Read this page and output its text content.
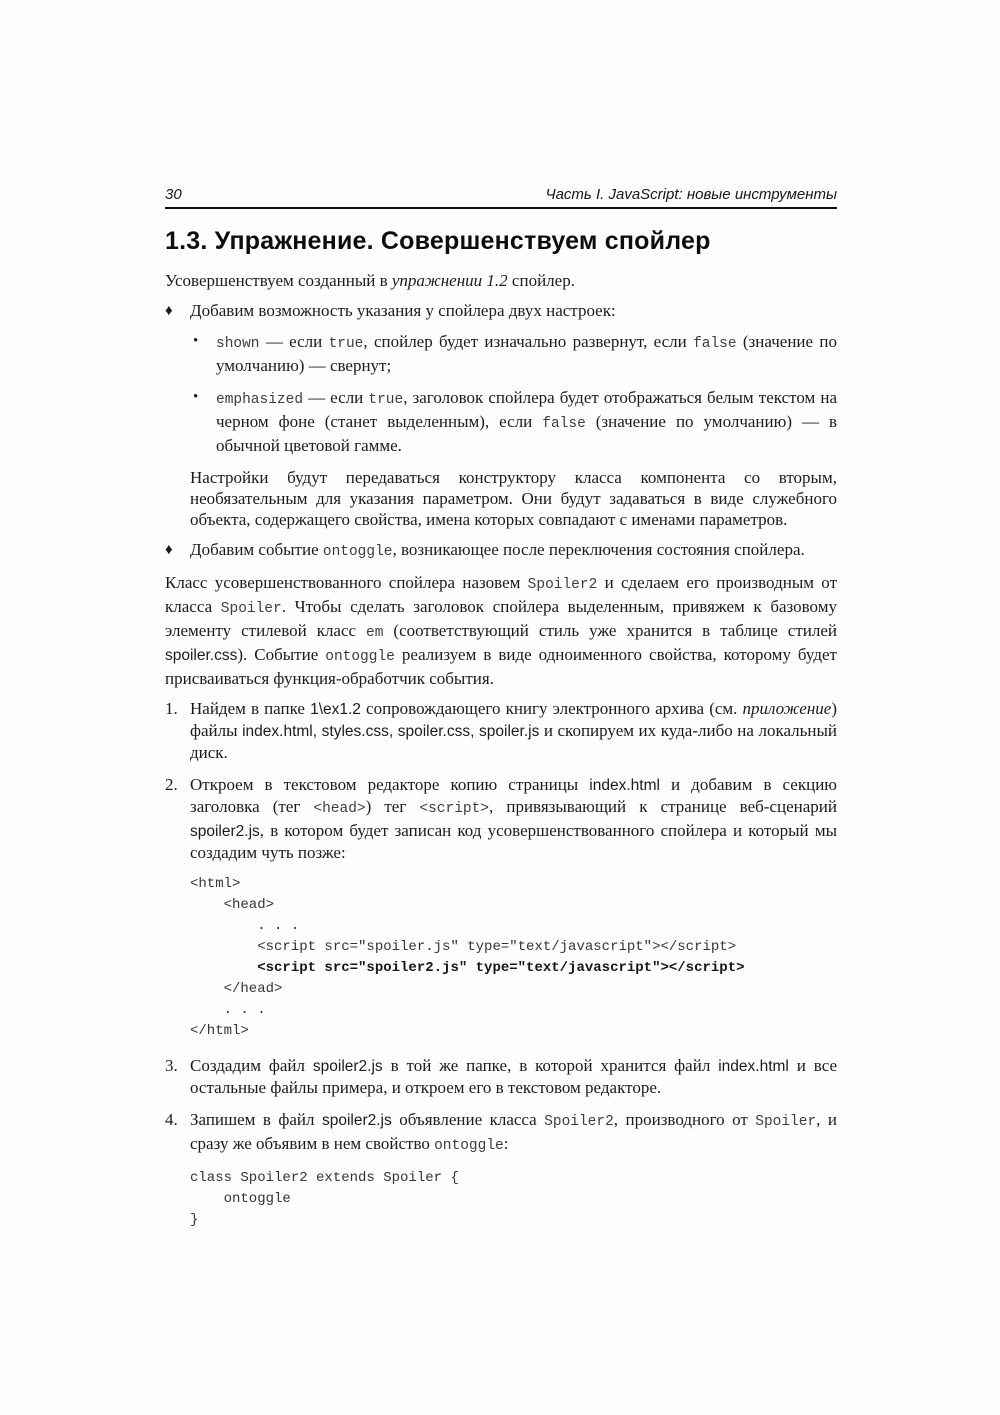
30	Часть I. JavaScript: новые инструменты
1.3. Упражнение. Совершенствуем спойлер

Усовершенствуем созданный в упражнении 1.2 спойлер.

♦	Добавим возможность указания у спойлера двух настроек:
•	shown — если true, спойлер будет изначально развернут, если false (значение по умолчанию) — свернут;
•	emphasized — если true, заголовок спойлера будет отображаться белым текстом на черном фоне (станет выделенным), если false (значение по умолчанию) — в обычной цветовой гамме.

Настройки будут передаваться конструктору класса компонента со вторым, необязательным для указания параметром. Они будут задаваться в виде служебного объекта, содержащего свойства, имена которых совпадают с именами параметров.

♦	Добавим событие ontoggle, возникающее после переключения состояния спойлера.

Класс усовершенствованного спойлера назовем Spoiler2 и сделаем его производным от класса Spoiler. Чтобы сделать заголовок спойлера выделенным, привяжем к базовому элементу стилевой класс em (соответствующий стиль уже хранится в таблице стилей spoiler.css). Событие ontoggle реализуем в виде одноименного свойства, которому будет присваиваться функция-обработчик события.

1. Найдем в папке 1\ex1.2 сопровождающего книгу электронного архива (см. приложение) файлы index.html, styles.css, spoiler.css, spoiler.js и скопируем их куда-либо на локальный диск.
2. Откроем в текстовом редакторе копию страницы index.html и добавим в секцию заголовка (тег <head>) тег <script>, привязывающий к странице веб-сценарий spoiler2.js, в котором будет записан код усовершенствованного спойлера и который мы создадим чуть позже:
<html>
<head>
. . .
<script src="spoiler.js" type="text/javascript"></script>
<script src="spoiler2.js" type="text/javascript"></script>
</head>
. . .
</html>
3. Создадим файл spoiler2.js в той же папке, в которой хранится файл index.html и все остальные файлы примера, и откроем его в текстовом редакторе.
4. Запишем в файл spoiler2.js объявление класса Spoiler2, производного от Spoiler, и сразу же объявим в нем свойство ontoggle:
class Spoiler2 extends Spoiler {
ontoggle
}
